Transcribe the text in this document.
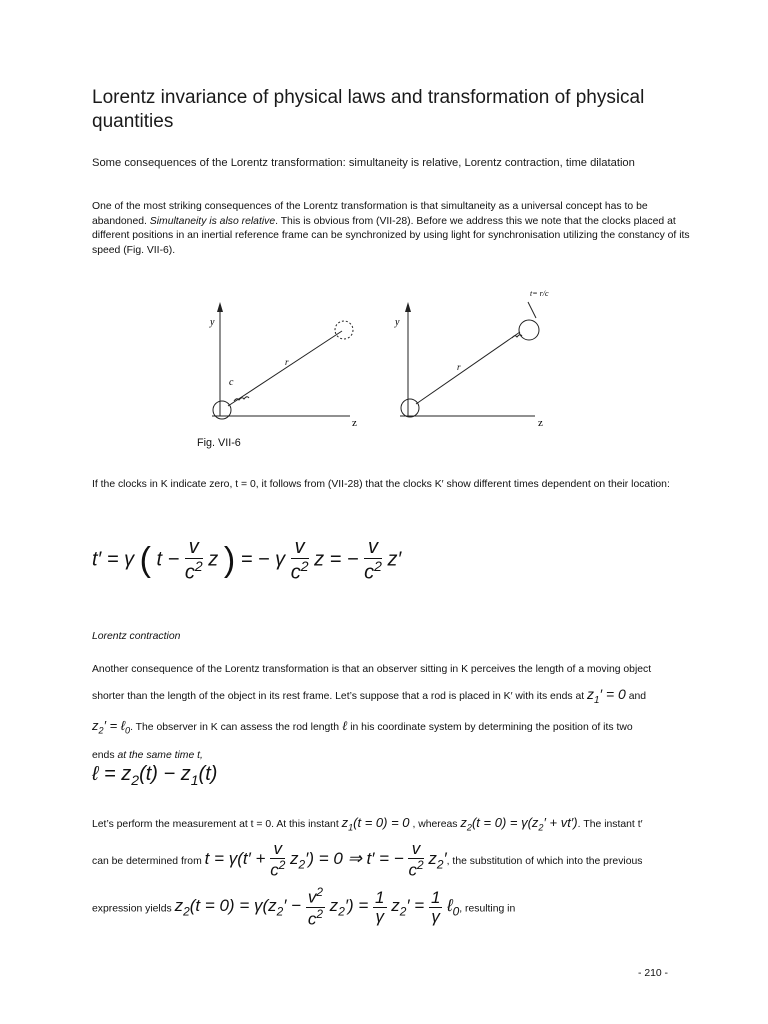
Lorentz invariance of physical laws and transformation of physical quantities
Some consequences of the Lorentz transformation: simultaneity is relative, Lorentz contraction, time dilatation
One of the most striking consequences of the Lorentz transformation is that simultaneity as a universal concept has to be abandoned. Simultaneity is also relative. This is obvious from (VII-28). Before we address this we note that the clocks placed at different positions in an inertial reference frame can be synchronized by using light for synchronisation utilizing the constancy of its speed (Fig. VII-6).
y
z
r
c
y
z
r
t= r/c
Fig. VII-6
If the clocks in K indicate zero, t = 0, it follows from (VII-28) that the clocks K′ show different times dependent on their location:
t′ = γ ( $t - \frac{v}{c^2}$ z ) = − γ $\frac{v}{c^2}$ z = − $\frac{v}{c^2} z'$
Lorentz contraction
Another consequence of the Lorentz transformation is that an observer sitting in K perceives the length of a moving object
shorter than the length of the object in its rest frame. Let’s suppose that a rod is placed in K′ with its ends at $z_1' = 0$ and
$z_2'$ = ℓ$_0$. The observer in K can assess the rod length ℓ in his coordinate system by determining the position of its two
ends at the same time t,
ℓ = $z_2(t) - z_1(t)$
Let’s perform the measurement at t = 0. At this instant $z_1(t = 0) = 0$ , whereas $z_2(t = 0) = \gamma(z_2' + vt')$. The instant t′
can be determined from $t = \gamma(t' + \frac{v}{c^2} z_2') = 0$ ⇒ t′ = − $\frac{v}{c^2} z_2'$, the substitution of which into the previous
expression yields $z_2(t = 0) = \gamma(z_2' - \frac{v^2}{c^2} z_2') = \frac{1}{\gamma} z_2' = \frac{1}{\gamma}$ ℓ$_0$, resulting in
- 210 -
